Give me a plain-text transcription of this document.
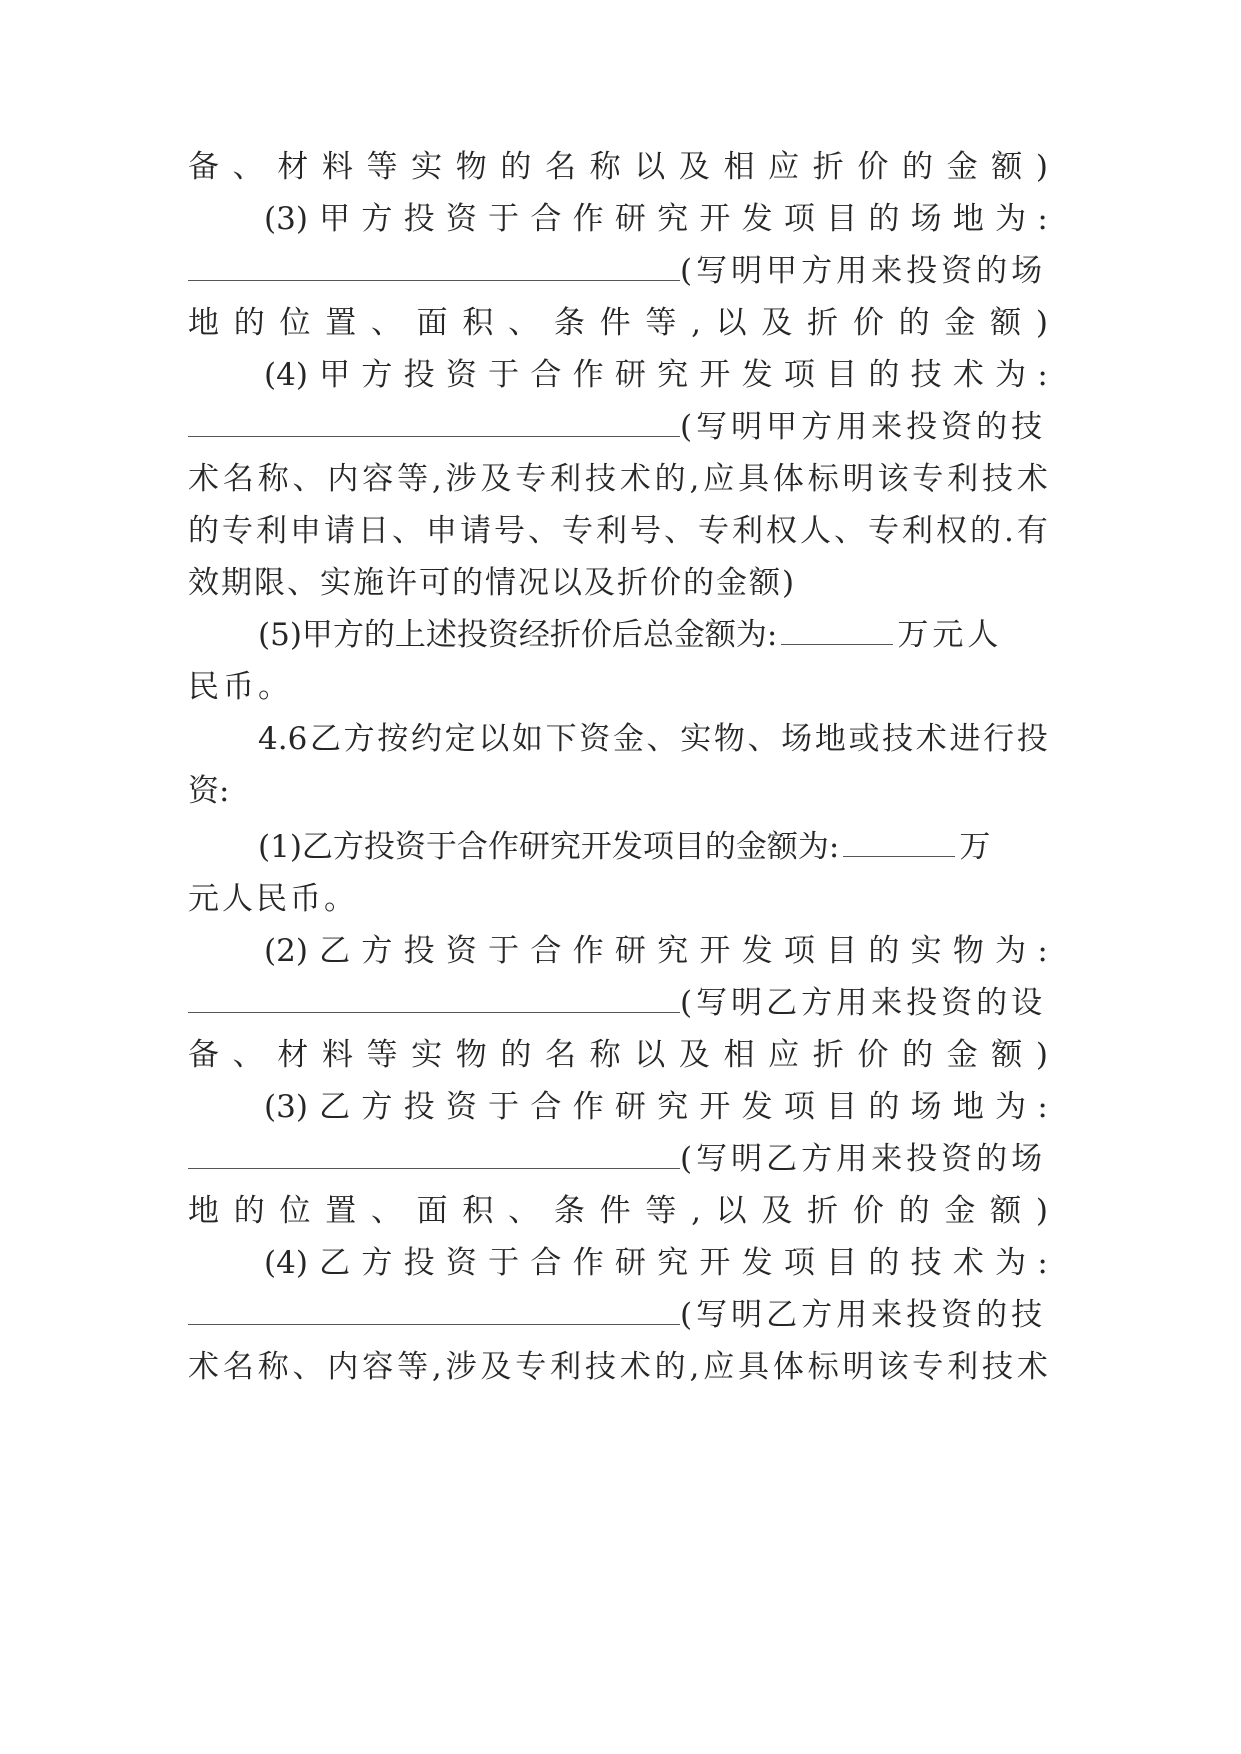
备 、 材 料 等 实 物 的 名 称 以 及 相 应 折 价 的 金 额 )
(3) 甲 方 投 资 于 合 作 研 究 开 发 项 目 的 场 地 为 :
(写明甲方用来投资的场
地 的 位 置 、 面 积 、 条 件 等 , 以 及 折 价 的 金 额 )
(4) 甲 方 投 资 于 合 作 研 究 开 发 项 目 的 技 术 为 :
(写明甲方用来投资的技
术 名 称 、 内 容 等 , 涉 及 专 利 技 术 的 , 应 具 体 标 明 该 专 利 技 术
的 专 利 申 请 日 、 申 请 号 、 专 利 号 、 专 利 权 人 、 专 利 权 的 . 有
效期限、实施许可的情况以及折价的金额)
(5)甲方的上述投资经折价后总金额为:	万元人
民币。
4.6 乙 方 按 约 定 以 如 下 资 金 、 实 物 、 场 地 或 技 术 进 行 投
资:
(1)乙方投资于合作研究开发项目的金额为:	万
元人民币。
(2) 乙 方 投 资 于 合 作 研 究 开 发 项 目 的 实 物 为 :
(写明乙方用来投资的设
备 、 材 料 等 实 物 的 名 称 以 及 相 应 折 价 的 金 额 )
(3) 乙 方 投 资 于 合 作 研 究 开 发 项 目 的 场 地 为 :
(写明乙方用来投资的场
地 的 位 置 、 面 积 、 条 件 等 , 以 及 折 价 的 金 额 )
(4) 乙 方 投 资 于 合 作 研 究 开 发 项 目 的 技 术 为 :
(写明乙方用来投资的技
术 名 称 、 内 容 等 , 涉 及 专 利 技 术 的 , 应 具 体 标 明 该 专 利 技 术
